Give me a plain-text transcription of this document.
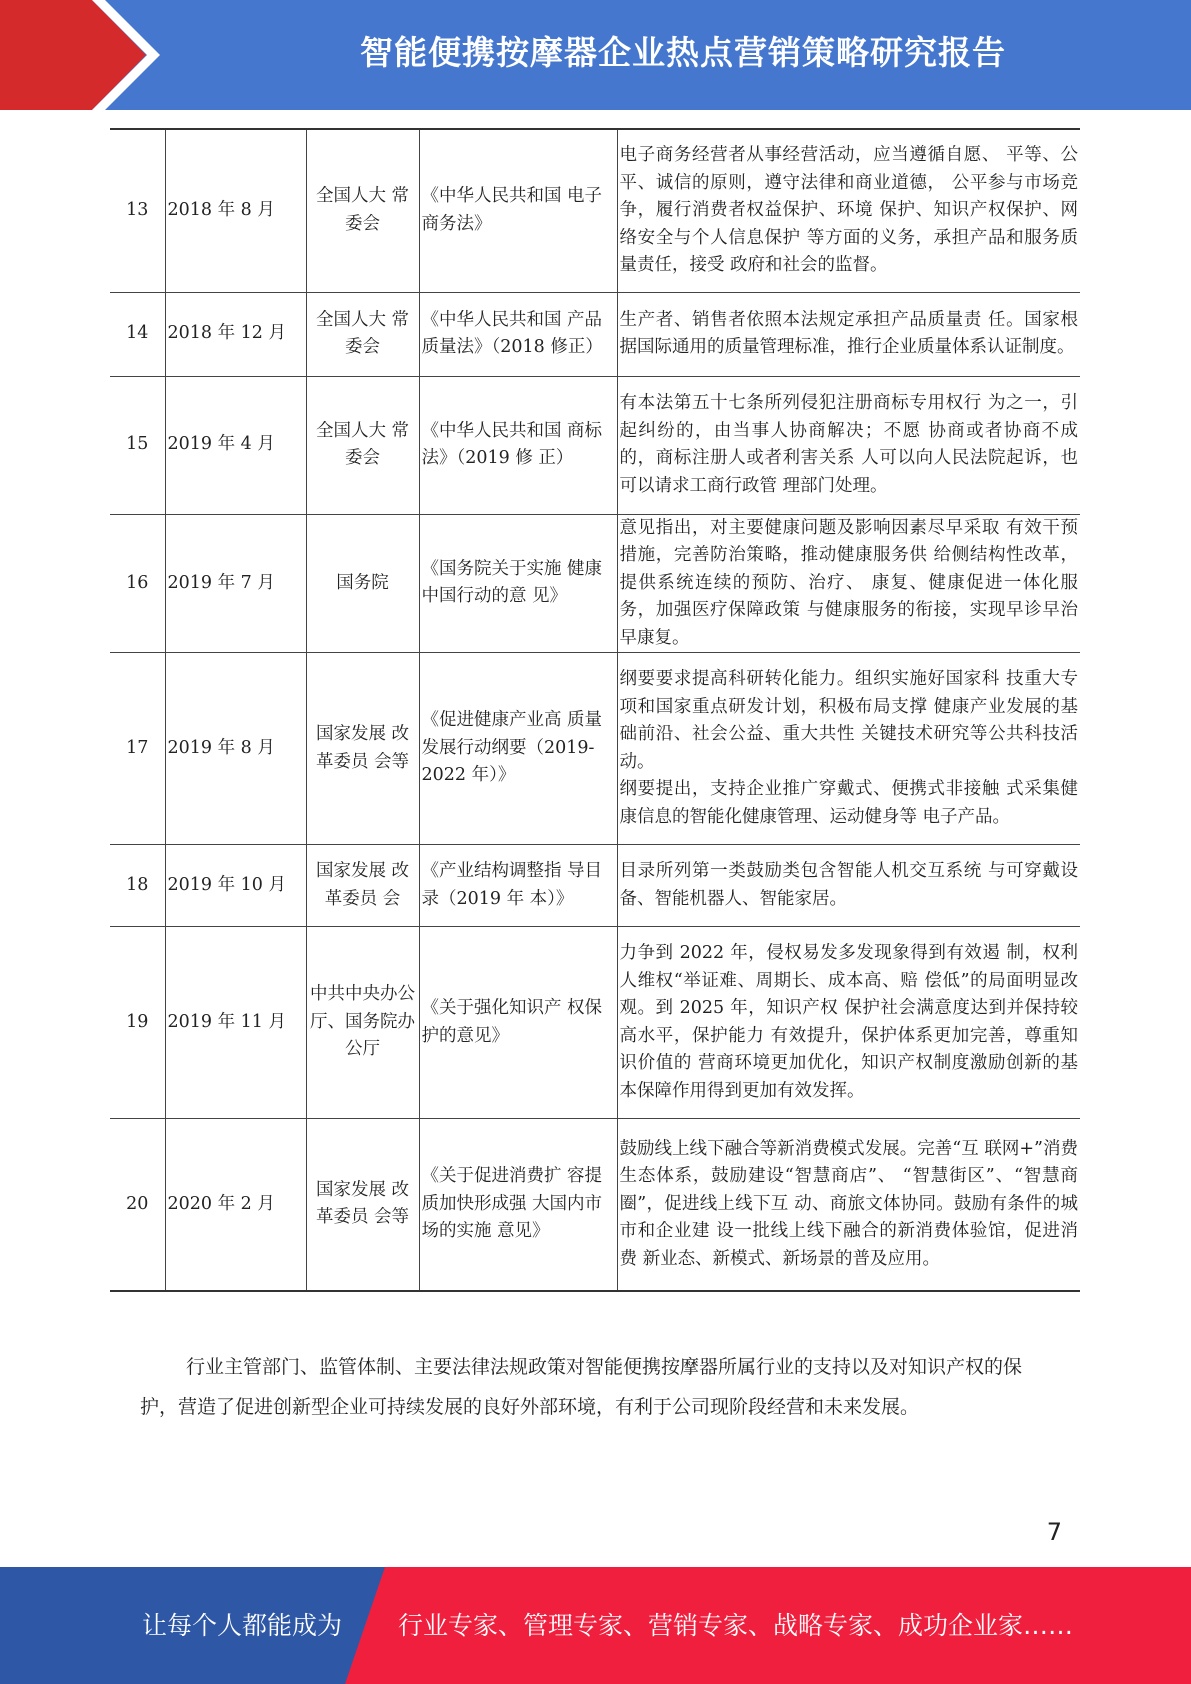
智能便携按摩器企业热点营销策略研究报告
13	2018 年 8 月	全国人大 常委会	《中华人民共和国 电子商务法》	电子商务经营者从事经营活动，应当遵循自愿、 平等、公平、诚信的原则，遵守法律和商业道德， 公平参与市场竞争，履行消费者权益保护、环境 保护、知识产权保护、网络安全与个人信息保护 等方面的义务，承担产品和服务质量责任，接受 政府和社会的监督。
14	2018 年 12 月	全国人大 常委会	《中华人民共和国 产品质量法》（2018 修正）	生产者、销售者依照本法规定承担产品质量责 任。国家根据国际通用的质量管理标准，推行企业质量体系认证制度。
15	2019 年 4 月	全国人大 常委会	《中华人民共和国 商标法》（2019 修 正）	有本法第五十七条所列侵犯注册商标专用权行 为之一，引起纠纷的，由当事人协商解决；不愿 协商或者协商不成的，商标注册人或者利害关系 人可以向人民法院起诉，也可以请求工商行政管 理部门处理。
16	2019 年 7 月	国务院	《国务院关于实施 健康中国行动的意 见》	意见指出，对主要健康问题及影响因素尽早采取 有效干预措施，完善防治策略，推动健康服务供 给侧结构性改革，提供系统连续的预防、治疗、 康复、健康促进一体化服务，加强医疗保障政策 与健康服务的衔接，实现早诊早治早康复。
17	2019 年 8 月	国家发展 改革委员 会等	《促进健康产业高 质量发展行动纲要（2019-2022 年）》	纲要要求提高科研转化能力。组织实施好国家科 技重大专项和国家重点研发计划，积极布局支撑 健康产业发展的基础前沿、社会公益、重大共性 关键技术研究等公共科技活动。
纲要提出，支持企业推广穿戴式、便携式非接触 式采集健康信息的智能化健康管理、运动健身等 电子产品。

18	2019 年 10 月	国家发展 改革委员 会	《产业结构调整指 导目录（2019 年 本）》	目录所列第一类鼓励类包含智能人机交互系统 与可穿戴设备、智能机器人、智能家居。
19	2019 年 11 月	中共中央办公厅、国务院办 公厅	《关于强化知识产 权保护的意见》	力争到 2022 年，侵权易发多发现象得到有效遏 制，权利人维权“举证难、周期长、成本高、赔 偿低”的局面明显改观。到 2025 年，知识产权 保护社会满意度达到并保持较高水平，保护能力 有效提升，保护体系更加完善，尊重知识价值的 营商环境更加优化，知识产权制度激励创新的基 本保障作用得到更加有效发挥。
20	2020 年 2 月	国家发展 改革委员 会等	《关于促进消费扩 容提质加快形成强 大国内市场的实施 意见》	鼓励线上线下融合等新消费模式发展。完善“互 联网+”消费生态体系，鼓励建设“智慧商店”、 “智慧街区”、“智慧商圈”，促进线上线下互 动、商旅文体协同。鼓励有条件的城市和企业建 设一批线上线下融合的新消费体验馆，促进消费 新业态、新模式、新场景的普及应用。

行业主管部门、监管体制、主要法律法规政策对智能便携按摩器所属行业的支持以及对知识产权的保护，营造了促进创新型企业可持续发展的良好外部环境，有利于公司现阶段经营和未来发展。

7
让每个人都能成为 行业专家、管理专家、营销专家、战略专家、成功企业家……
